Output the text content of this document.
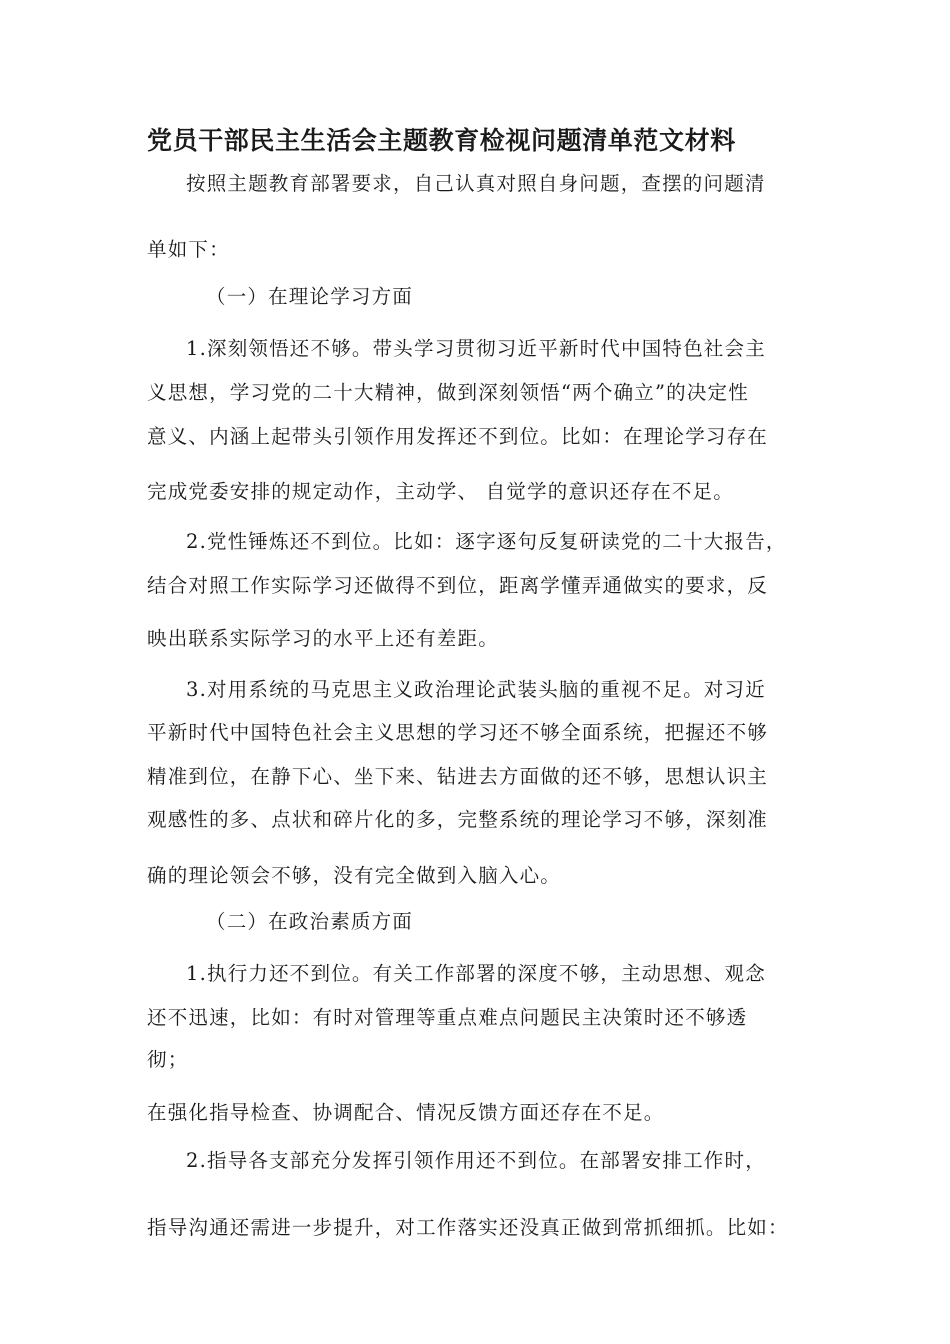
党员干部民主生活会主题教育检视问题清单范文材料
按照主题教育部署要求，自己认真对照自身问题，查摆的问题清
单如下：
（一）在理论学习方面
1.深刻领悟还不够。带头学习贯彻习近平新时代中国特色社会主
义思想，学习党的二十大精神，做到深刻领悟“两个确立”的决定性
意义、内涵上起带头引领作用发挥还不到位。比如：在理论学习存在
完成党委安排的规定动作，主动学、 自觉学的意识还存在不足。
2.党性锤炼还不到位。比如：逐字逐句反复研读党的二十大报告，
结合对照工作实际学习还做得不到位，距离学懂弄通做实的要求，反
映出联系实际学习的水平上还有差距。
3.对用系统的马克思主义政治理论武装头脑的重视不足。对习近
平新时代中国特色社会主义思想的学习还不够全面系统，把握还不够
精准到位，在静下心、坐下来、钻进去方面做的还不够，思想认识主
观感性的多、点状和碎片化的多，完整系统的理论学习不够，深刻准
确的理论领会不够，没有完全做到入脑入心。
（二）在政治素质方面
1.执行力还不到位。有关工作部署的深度不够，主动思想、观念
还不迅速，比如：有时对管理等重点难点问题民主决策时还不够透
彻；
在强化指导检查、协调配合、情况反馈方面还存在不足。
2.指导各支部充分发挥引领作用还不到位。在部署安排工作时，
指导沟通还需进一步提升，对工作落实还没真正做到常抓细抓。比如：
